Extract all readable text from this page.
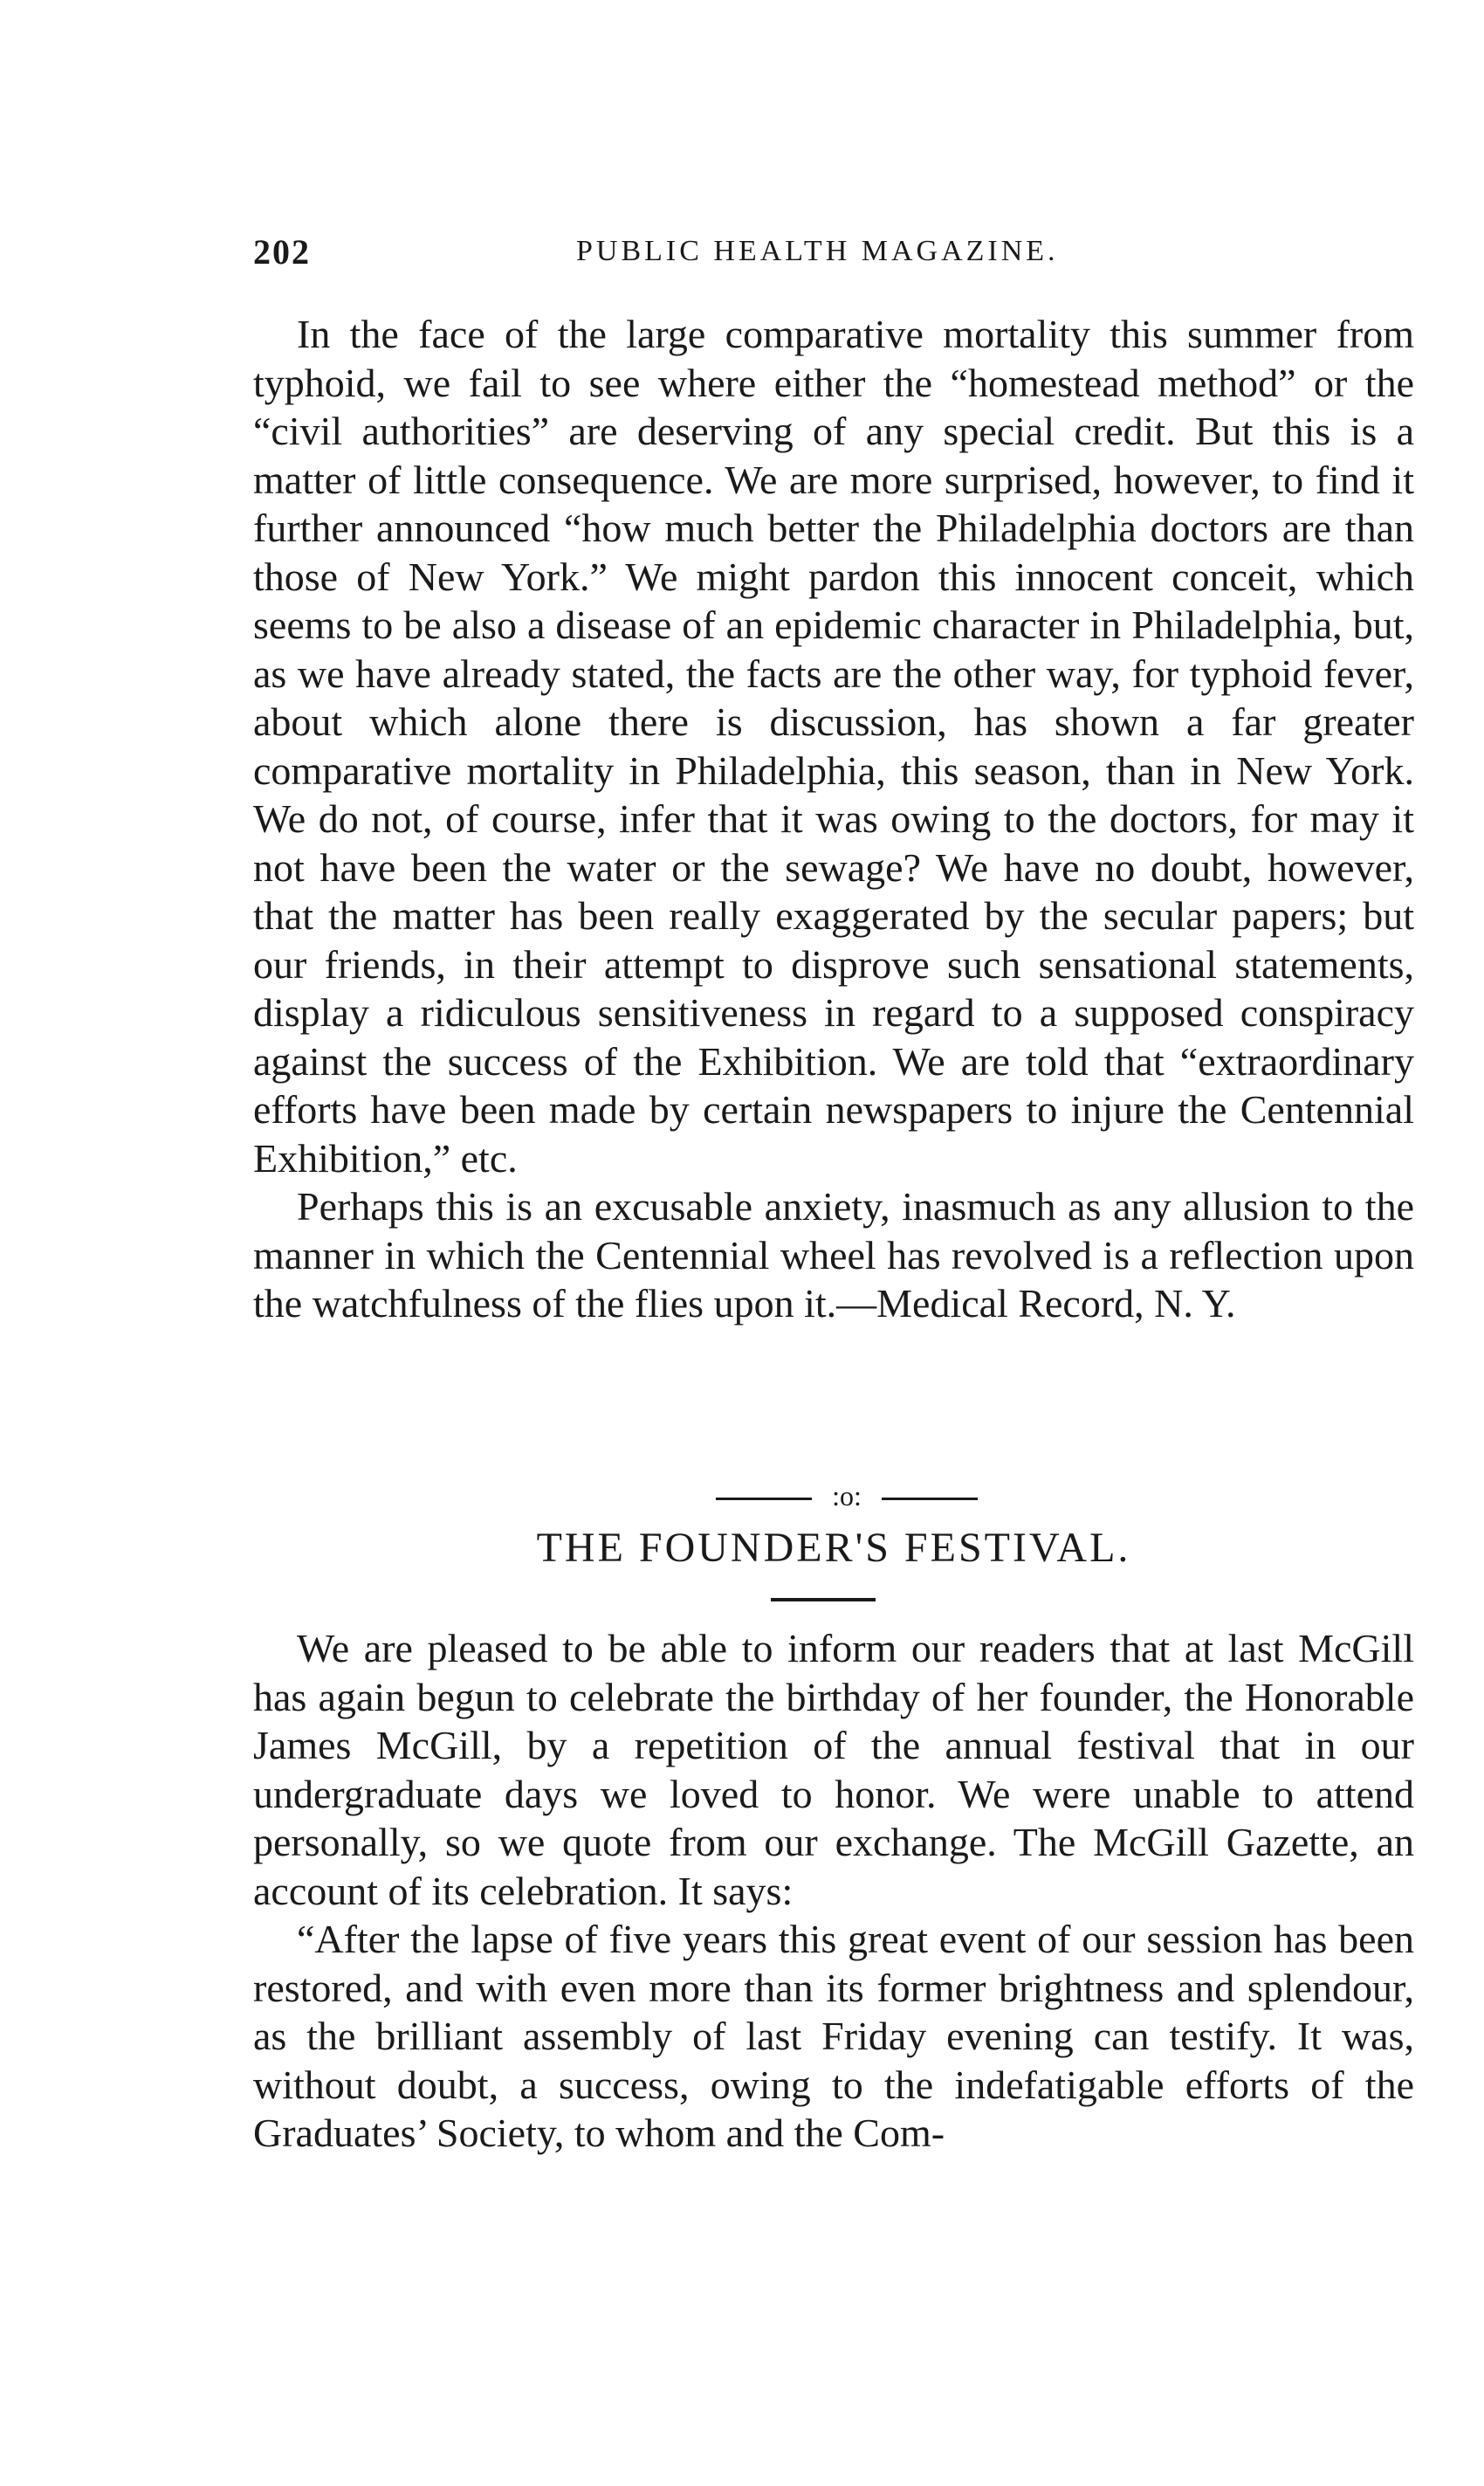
202	PUBLIC HEALTH MAGAZINE.

In the face of the large comparative mortality this summer from typhoid, we fail to see where either the “homestead method” or the “civil authorities” are deserving of any special credit. But this is a matter of little consequence. We are more surprised, however, to find it further announced “how much better the Philadelphia doctors are than those of New York.” We might pardon this innocent conceit, which seems to be also a disease of an epidemic character in Philadelphia, but, as we have already stated, the facts are the other way, for typhoid fever, about which alone there is discussion, has shown a far greater comparative mortality in Philadelphia, this season, than in New York. We do not, of course, infer that it was owing to the doctors, for may it not have been the water or the sewage? We have no doubt, however, that the matter has been really exaggerated by the secular papers; but our friends, in their attempt to disprove such sensational statements, display a ridiculous sensitiveness in regard to a supposed conspiracy against the success of the Exhibition. We are told that “extraordinary efforts have been made by certain newspapers to injure the Centennial Exhibition,” etc.

Perhaps this is an excusable anxiety, inasmuch as any allusion to the manner in which the Centennial wheel has revolved is a reflection upon the watchfulness of the flies upon it.—Medical Record, N. Y.

:o:
THE FOUNDER'S FESTIVAL.

We are pleased to be able to inform our readers that at last McGill has again begun to celebrate the birthday of her founder, the Honorable James McGill, by a repetition of the annual festival that in our undergraduate days we loved to honor. We were unable to attend personally, so we quote from our exchange. The McGill Gazette, an account of its celebration. It says:

“After the lapse of five years this great event of our session has been restored, and with even more than its former brightness and splendour, as the brilliant assembly of last Friday evening can testify. It was, without doubt, a success, owing to the indefatigable efforts of the Graduates’ Society, to whom and the Com-
